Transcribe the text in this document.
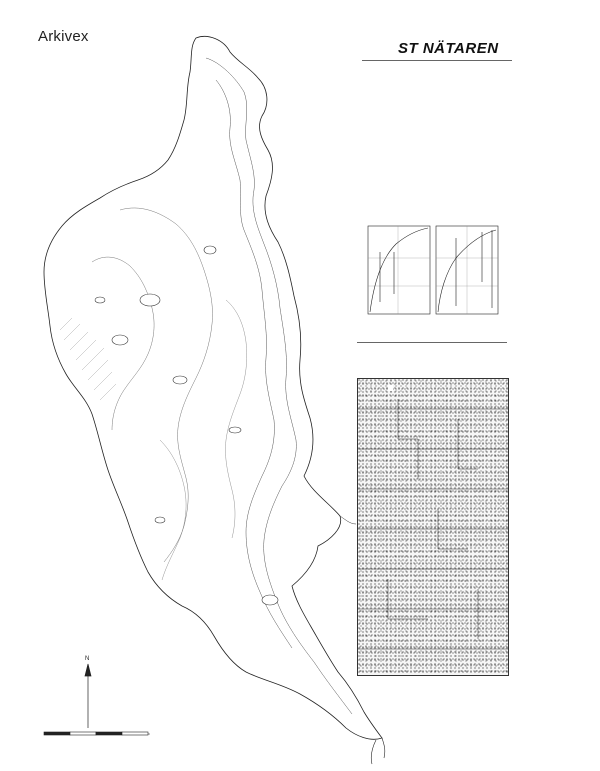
Arkivex
N
ST NÄTAREN
